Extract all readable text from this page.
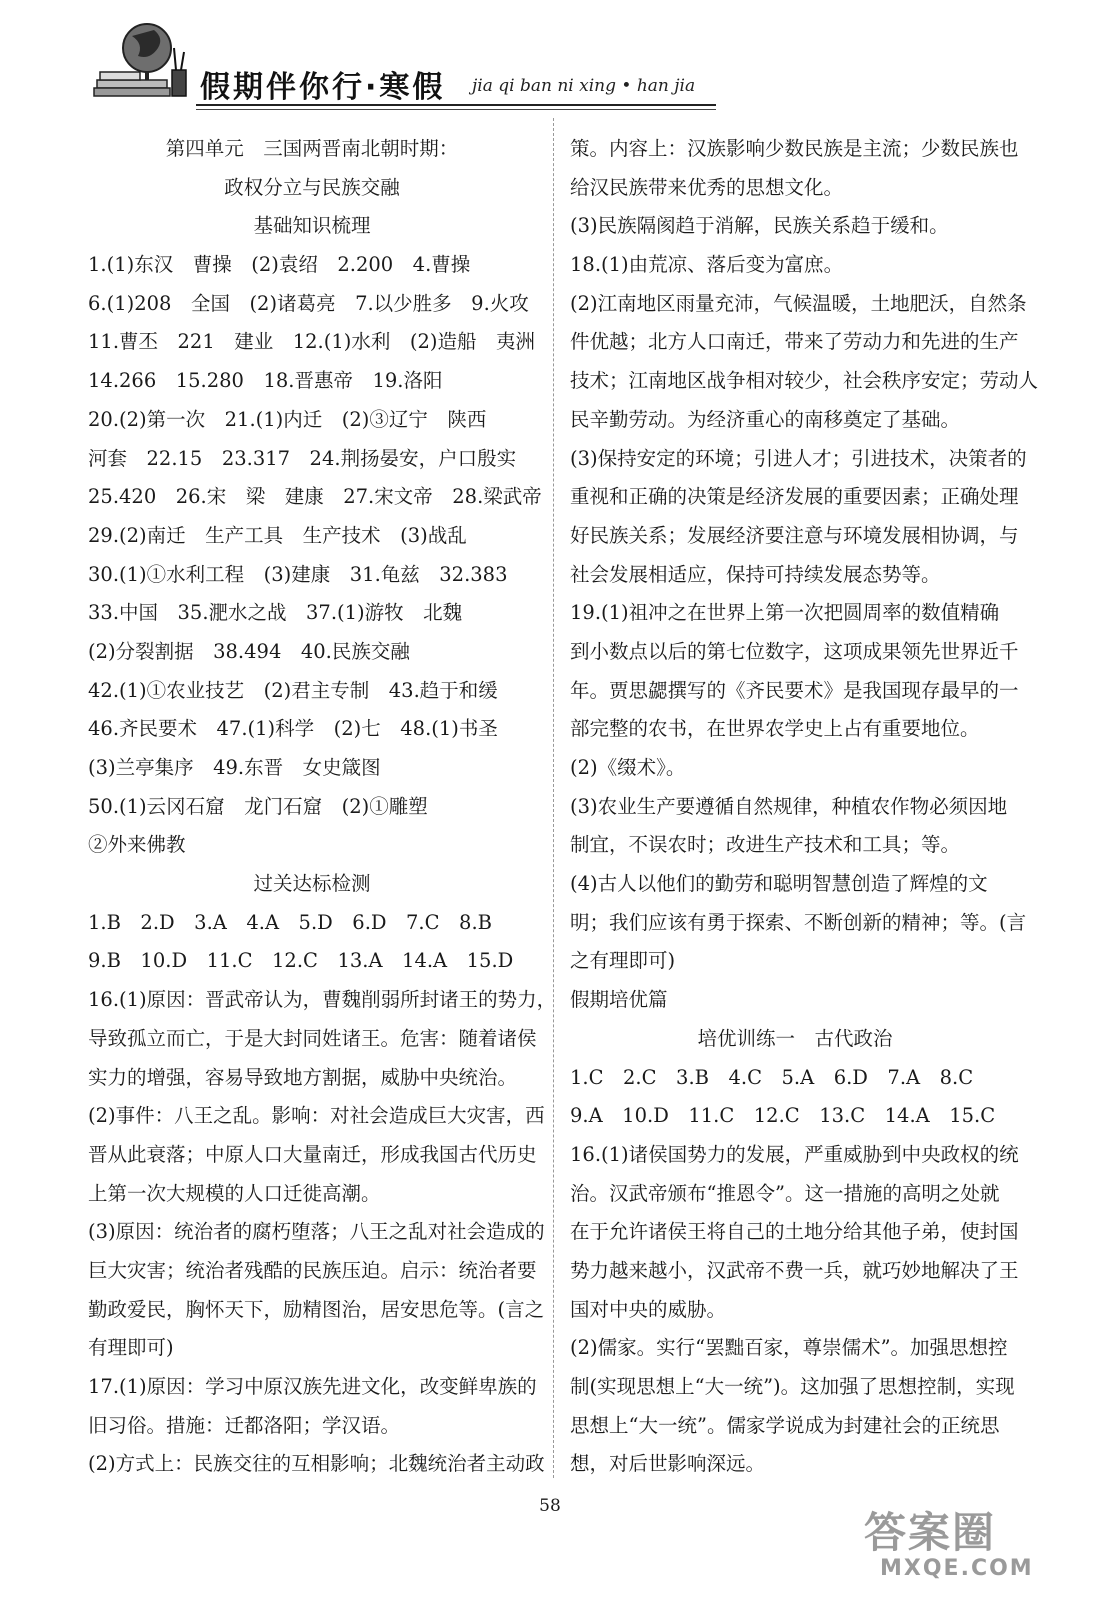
假期伴你行·寒假 jia qi ban ni xing • han jia
第四单元　三国两晋南北朝时期：
政权分立与民族交融
基础知识梳理
1.(1)东汉　曹操　(2)袁绍　2.200　4.曹操
6.(1)208　全国　(2)诸葛亮　7.以少胜多　9.火攻
11.曹丕　221　建业　12.(1)水利　(2)造船　夷洲
14.266　15.280　18.晋惠帝　19.洛阳
20.(2)第一次　21.(1)内迁　(2)③辽宁　陕西
河套　22.15　23.317　24.荆扬晏安，户口殷实
25.420　26.宋　梁　建康　27.宋文帝　28.梁武帝
29.(2)南迁　生产工具　生产技术　(3)战乱
30.(1)①水利工程　(3)建康　31.龟兹　32.383
33.中国　35.淝水之战　37.(1)游牧　北魏
(2)分裂割据　38.494　40.民族交融
42.(1)①农业技艺　(2)君主专制　43.趋于和缓
46.齐民要术　47.(1)科学　(2)七　48.(1)书圣
(3)兰亭集序　49.东晋　女史箴图
50.(1)云冈石窟　龙门石窟　(2)①雕塑
②外来佛教
过关达标检测
1.B　2.D　3.A　4.A　5.D　6.D　7.C　8.B
9.B　10.D　11.C　12.C　13.A　14.A　15.D
16.(1)原因：晋武帝认为，曹魏削弱所封诸王的势力，
导致孤立而亡，于是大封同姓诸王。危害：随着诸侯
实力的增强，容易导致地方割据，威胁中央统治。
(2)事件：八王之乱。影响：对社会造成巨大灾害，西
晋从此衰落；中原人口大量南迁，形成我国古代历史
上第一次大规模的人口迁徙高潮。
(3)原因：统治者的腐朽堕落；八王之乱对社会造成的
巨大灾害；统治者残酷的民族压迫。启示：统治者要
勤政爱民，胸怀天下，励精图治，居安思危等。(言之
有理即可)
17.(1)原因：学习中原汉族先进文化，改变鲜卑族的
旧习俗。措施：迁都洛阳；学汉语。
(2)方式上：民族交往的互相影响；北魏统治者主动政
策。内容上：汉族影响少数民族是主流；少数民族也
给汉民族带来优秀的思想文化。
(3)民族隔阂趋于消解，民族关系趋于缓和。
18.(1)由荒凉、落后变为富庶。
(2)江南地区雨量充沛，气候温暖，土地肥沃，自然条
件优越；北方人口南迁，带来了劳动力和先进的生产
技术；江南地区战争相对较少，社会秩序安定；劳动人
民辛勤劳动。为经济重心的南移奠定了基础。
(3)保持安定的环境；引进人才；引进技术，决策者的
重视和正确的决策是经济发展的重要因素；正确处理
好民族关系；发展经济要注意与环境发展相协调，与
社会发展相适应，保持可持续发展态势等。
19.(1)祖冲之在世界上第一次把圆周率的数值精确
到小数点以后的第七位数字，这项成果领先世界近千
年。贾思勰撰写的《齐民要术》是我国现存最早的一
部完整的农书，在世界农学史上占有重要地位。
(2)《缀术》。
(3)农业生产要遵循自然规律，种植农作物必须因地
制宜，不误农时；改进生产技术和工具；等。
(4)古人以他们的勤劳和聪明智慧创造了辉煌的文
明；我们应该有勇于探索、不断创新的精神；等。(言
之有理即可)
假期培优篇
培优训练一　古代政治
1.C　2.C　3.B　4.C　5.A　6.D　7.A　8.C
9.A　10.D　11.C　12.C　13.C　14.A　15.C
16.(1)诸侯国势力的发展，严重威胁到中央政权的统
治。汉武帝颁布“推恩令”。这一措施的高明之处就
在于允许诸侯王将自己的土地分给其他子弟，使封国
势力越来越小，汉武帝不费一兵，就巧妙地解决了王
国对中央的威胁。
(2)儒家。实行“罢黜百家，尊崇儒术”。加强思想控
制(实现思想上“大一统”)。这加强了思想控制，实现
思想上“大一统”。儒家学说成为封建社会的正统思
想，对后世影响深远。
58
答案圈
MXQE.COM
